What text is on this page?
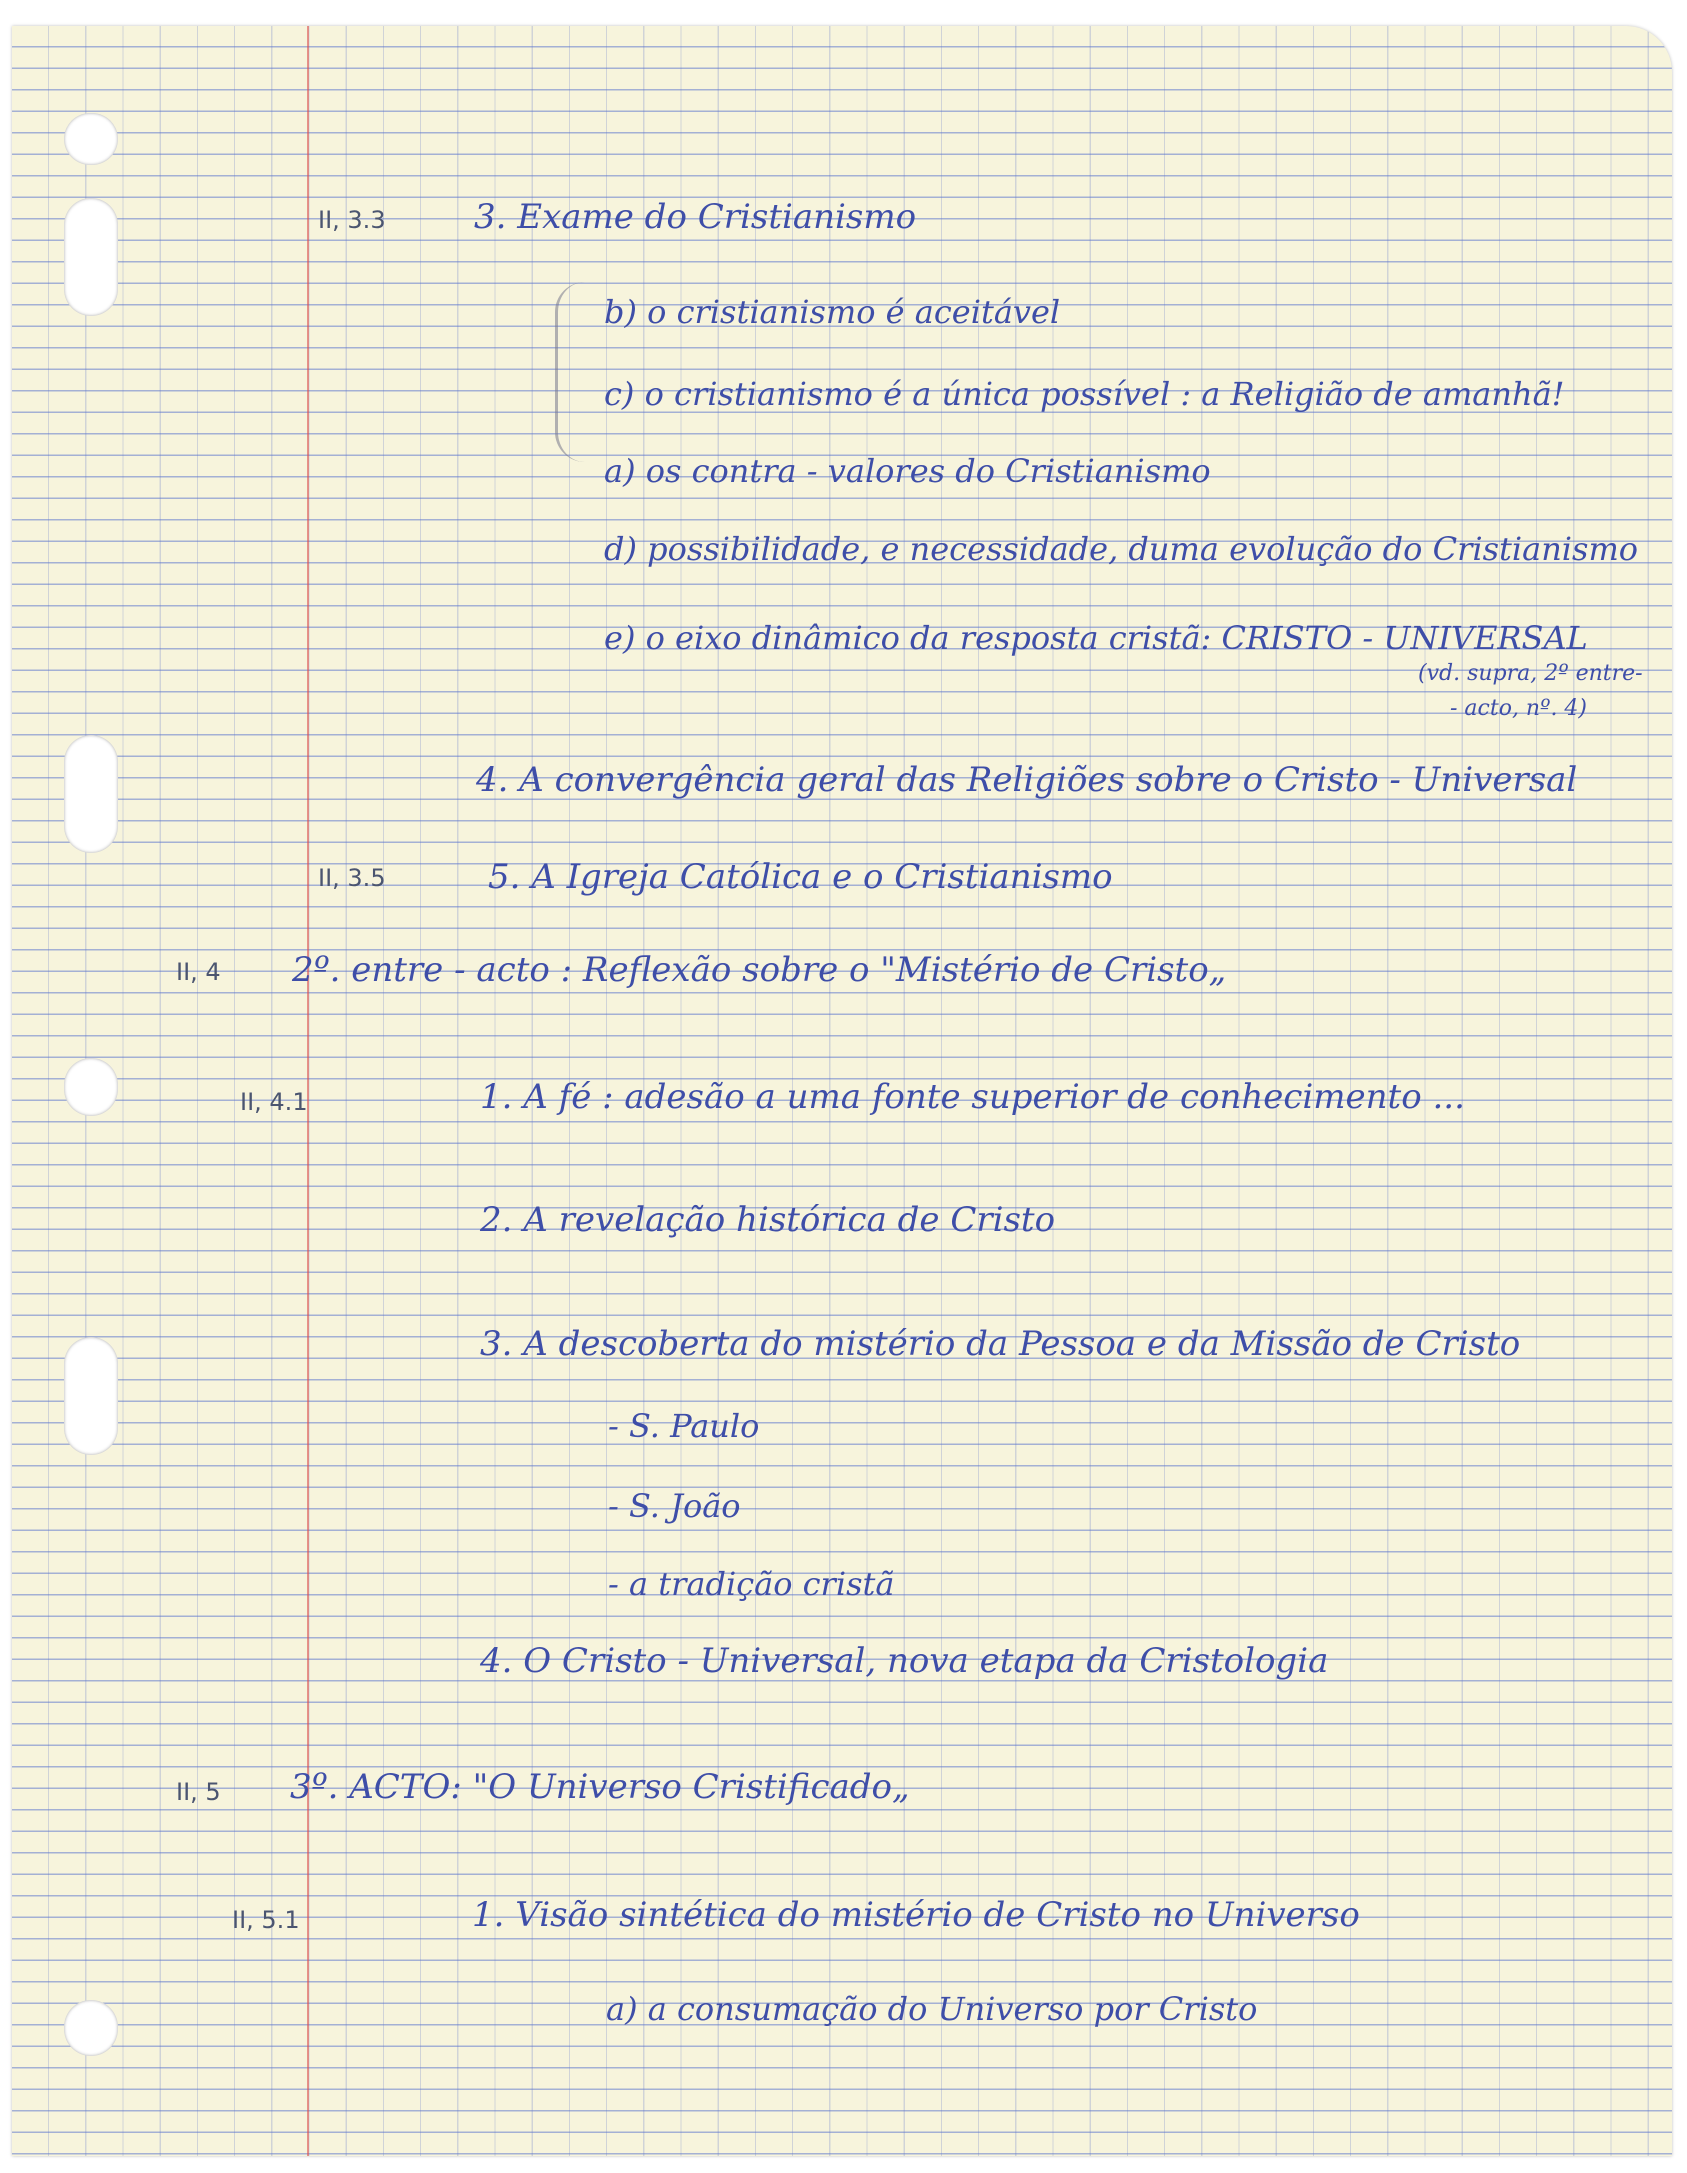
II, 3.3	3. Exame do Cristianismo
b) o cristianismo é aceitável
c) o cristianismo é a única possível : a Religião de amanhã!
a) os contra - valores do Cristianismo
d) possibilidade, e necessidade, duma evolução do Cristianismo
e) o eixo dinâmico da resposta cristã: CRISTO - UNIVERSAL
(vd. supra, 2º entre-
- acto, nº. 4)
4. A convergência geral das Religiões sobre o Cristo - Universal
II, 3.5	5. A Igreja Católica e o Cristianismo
II, 4 2º. entre - acto : Reflexão sobre o "Mistério de Cristo„
II, 4.1	1. A fé : adesão a uma fonte superior de conhecimento ...
2. A revelação histórica de Cristo
3. A descoberta do mistério da Pessoa e da Missão de Cristo
- S. Paulo
- S. João
- a tradição cristã
4. O Cristo - Universal, nova etapa da Cristologia
II, 5 3º. ACTO: "O Universo Cristificado„
II, 5.1	1. Visão sintética do mistério de Cristo no Universo
a) a consumação do Universo por Cristo
